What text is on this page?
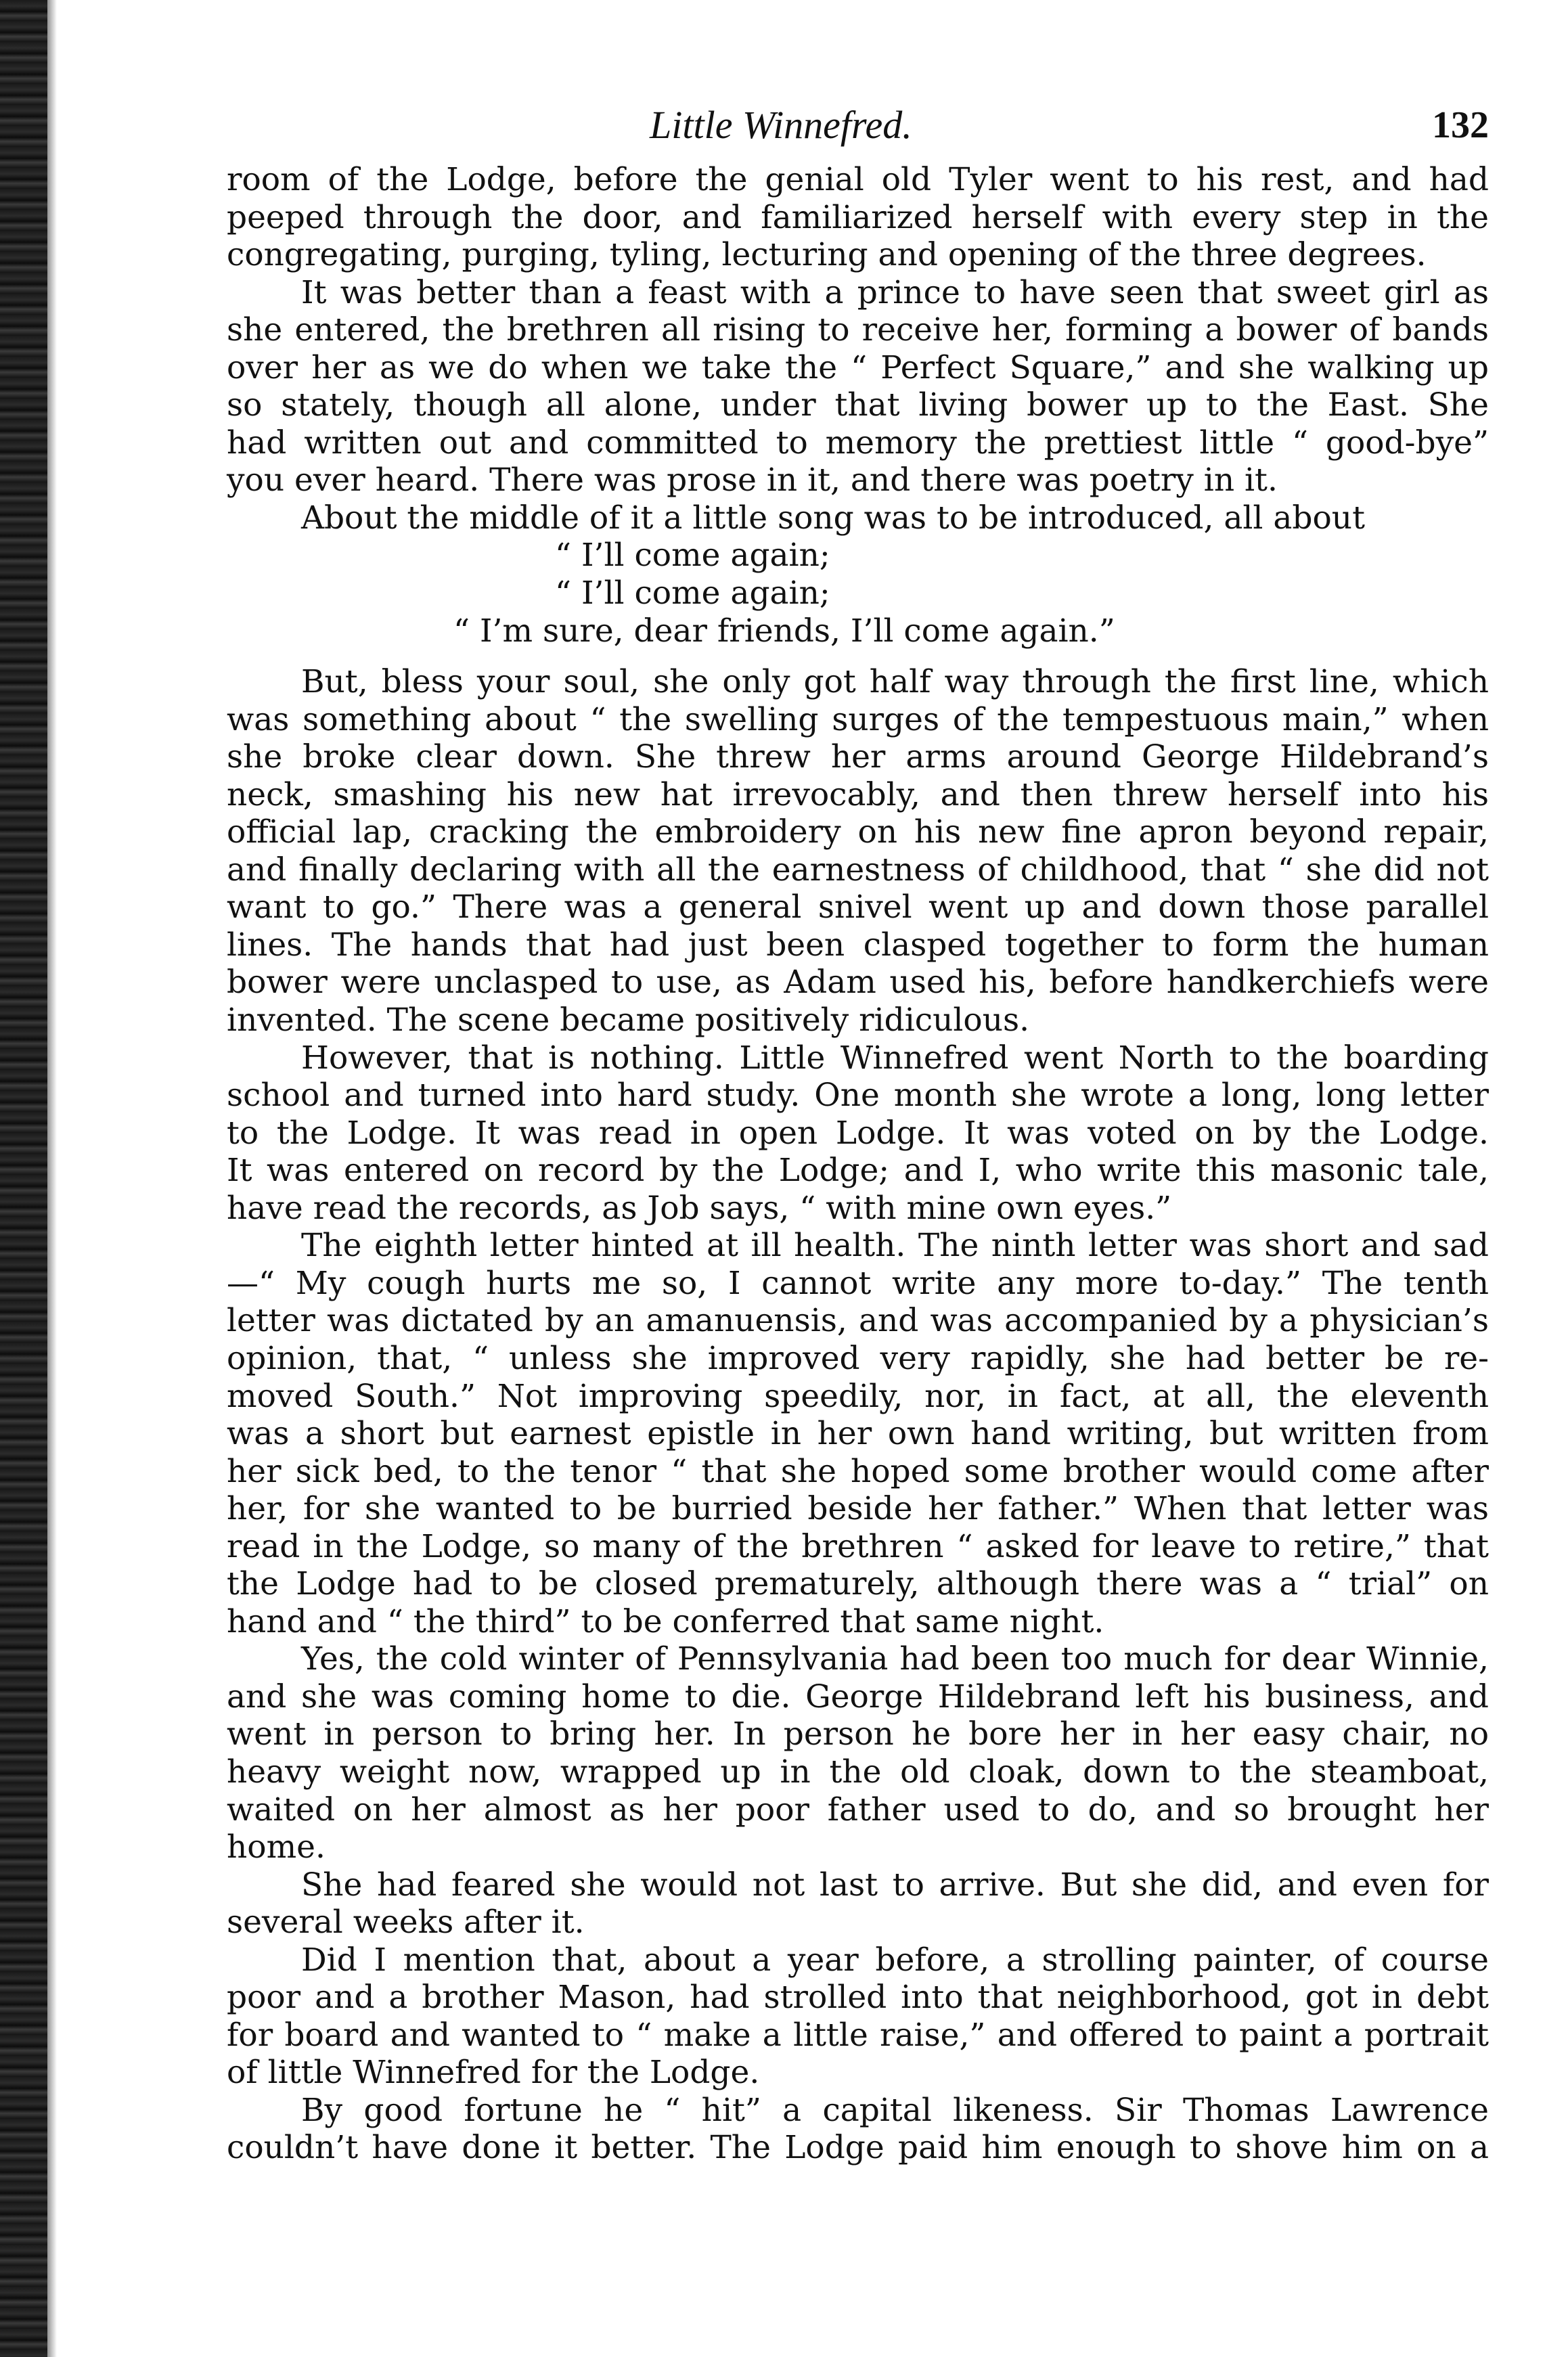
Little Winnefred.	132
room of the Lodge, before the genial old Tyler went to his rest, and had
peeped through the door, and familiarized herself with every step in the
congregating, purging, tyling, lecturing and opening of the three degrees.
It was better than a feast with a prince to have seen that sweet girl as
she entered, the brethren all rising to receive her, forming a bower of bands
over her as we do when we take the “ Perfect Square,” and she walking up
so stately, though all alone, under that living bower up to the East. She
had written out and committed to memory the prettiest little “ good-bye”
you ever heard. There was prose in it, and there was poetry in it.
About the middle of it a little song was to be introduced, all about
“ I’ll come again;
“ I’ll come again;
“ I’m sure, dear friends, I’ll come again.”
But, bless your soul, she only got half way through the first line, which
was something about “ the swelling surges of the tempestuous main,” when
she broke clear down. She threw her arms around George Hildebrand’s
neck, smashing his new hat irrevocably, and then threw herself into his
official lap, cracking the embroidery on his new fine apron beyond repair,
and finally declaring with all the earnestness of childhood, that “ she did not
want to go.” There was a general snivel went up and down those parallel
lines. The hands that had just been clasped together to form the human
bower were unclasped to use, as Adam used his, before handkerchiefs were
invented. The scene became positively ridiculous.
However, that is nothing. Little Winnefred went North to the boarding
school and turned into hard study. One month she wrote a long, long letter
to the Lodge. It was read in open Lodge. It was voted on by the Lodge.
It was entered on record by the Lodge; and I, who write this masonic tale,
have read the records, as Job says, “ with mine own eyes.”
The eighth letter hinted at ill health. The ninth letter was short and sad
—“ My cough hurts me so, I cannot write any more to-day.” The tenth
letter was dictated by an amanuensis, and was accompanied by a physician’s
opinion, that, “ unless she improved very rapidly, she had better be re-
moved South.” Not improving speedily, nor, in fact, at all, the eleventh
was a short but earnest epistle in her own hand writing, but written from
her sick bed, to the tenor “ that she hoped some brother would come after
her, for she wanted to be burried beside her father.” When that letter was
read in the Lodge, so many of the brethren “ asked for leave to retire,” that
the Lodge had to be closed prematurely, although there was a “ trial” on
hand and “ the third” to be conferred that same night.
Yes, the cold winter of Pennsylvania had been too much for dear Winnie,
and she was coming home to die. George Hildebrand left his business, and
went in person to bring her. In person he bore her in her easy chair, no
heavy weight now, wrapped up in the old cloak, down to the steamboat,
waited on her almost as her poor father used to do, and so brought her
home.
She had feared she would not last to arrive. But she did, and even for
several weeks after it.
Did I mention that, about a year before, a strolling painter, of course
poor and a brother Mason, had strolled into that neighborhood, got in debt
for board and wanted to “ make a little raise,” and offered to paint a portrait
of little Winnefred for the Lodge.
By good fortune he “ hit” a capital likeness. Sir Thomas Lawrence
couldn’t have done it better. The Lodge paid him enough to shove him on a
